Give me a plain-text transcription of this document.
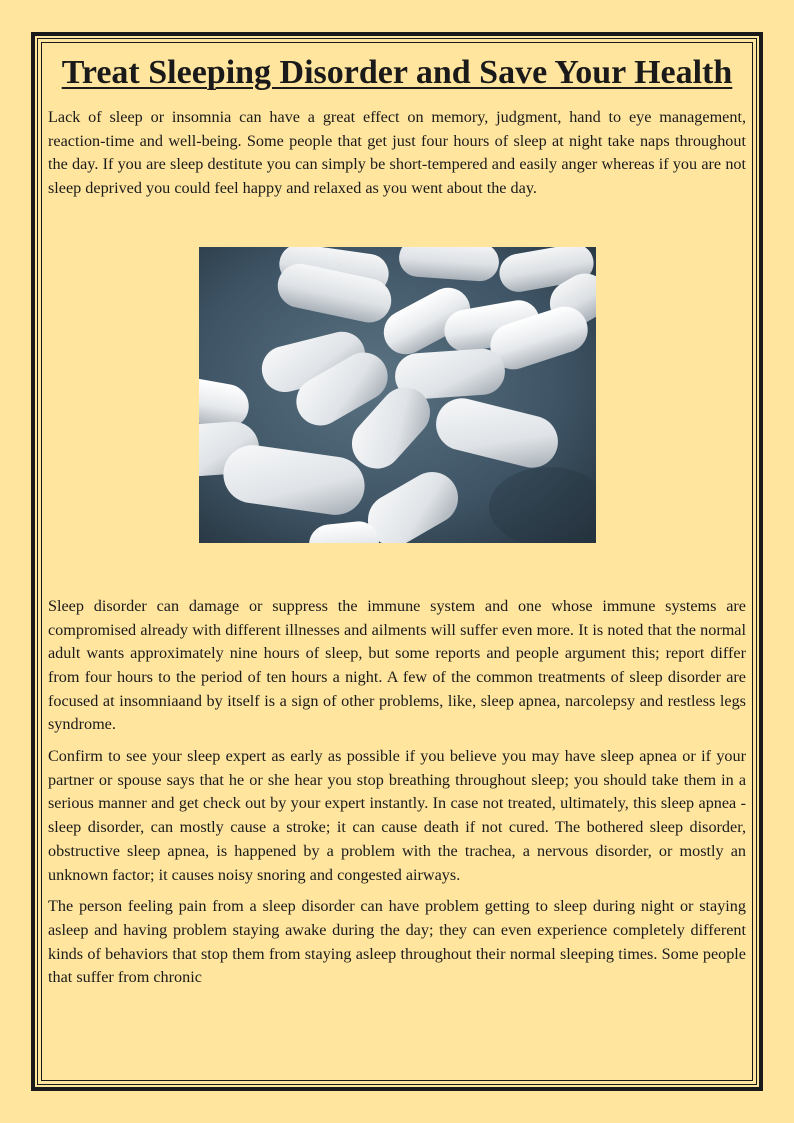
Treat Sleeping Disorder and Save Your Health

Lack of sleep or insomnia can have a great effect on memory, judgment, hand to eye management, reaction-time and well-being. Some people that get just four hours of sleep at night take naps throughout the day. If you are sleep destitute you can simply be short-tempered and easily anger whereas if you are not sleep deprived you could feel happy and relaxed as you went about the day.

Sleep disorder can damage or suppress the immune system and one whose immune systems are compromised already with different illnesses and ailments will suffer even more. It is noted that the normal adult wants approximately nine hours of sleep, but some reports and people argument this; report differ from four hours to the period of ten hours a night. A few of the common treatments of sleep disorder are focused at insomniaand by itself is a sign of other problems, like, sleep apnea, narcolepsy and restless legs syndrome.

Confirm to see your sleep expert as early as possible if you believe you may have sleep apnea or if your partner or spouse says that he or she hear you stop breathing throughout sleep; you should take them in a serious manner and get check out by your expert instantly. In case not treated, ultimately, this sleep apnea - sleep disorder, can mostly cause a stroke; it can cause death if not cured. The bothered sleep disorder, obstructive sleep apnea, is happened by a problem with the trachea, a nervous disorder, or mostly an unknown factor; it causes noisy snoring and congested airways.

The person feeling pain from a sleep disorder can have problem getting to sleep during night or staying asleep and having problem staying awake during the day; they can even experience completely different kinds of behaviors that stop them from staying asleep throughout their normal sleeping times. Some people that suffer from chronic
